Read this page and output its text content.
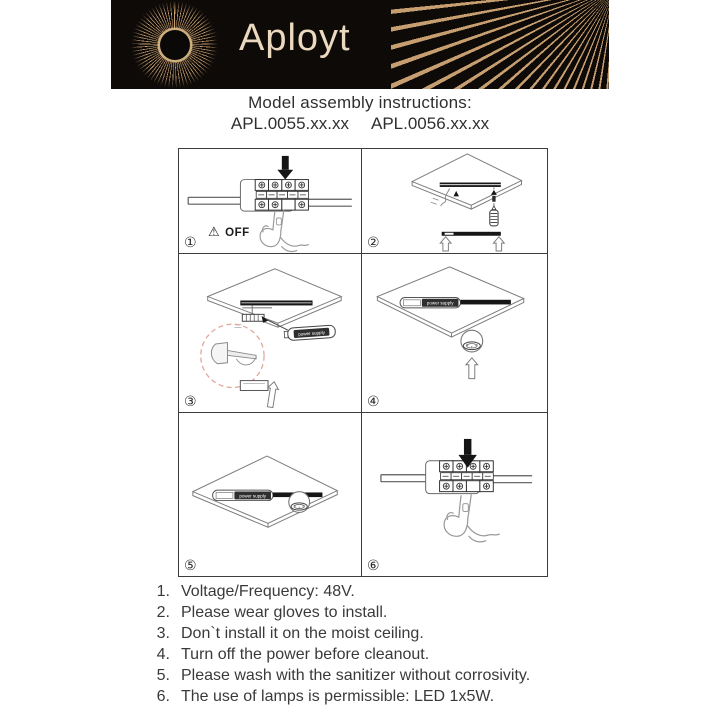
Aployt
Model assembly instructions:
APL.0055.xx.xx APL.0056.xx.xx
⚠ OFF
①	②
power supply
③
power supply
④
power supply
⑤	⑥
1. Voltage/Frequency: 48V.
2. Please wear gloves to install.
3. Don`t install it on the moist ceiling.
4. Turn off the power before cleanout.
5. Please wash with the sanitizer without corrosivity.
6. The use of lamps is permissible: LED 1x5W.
